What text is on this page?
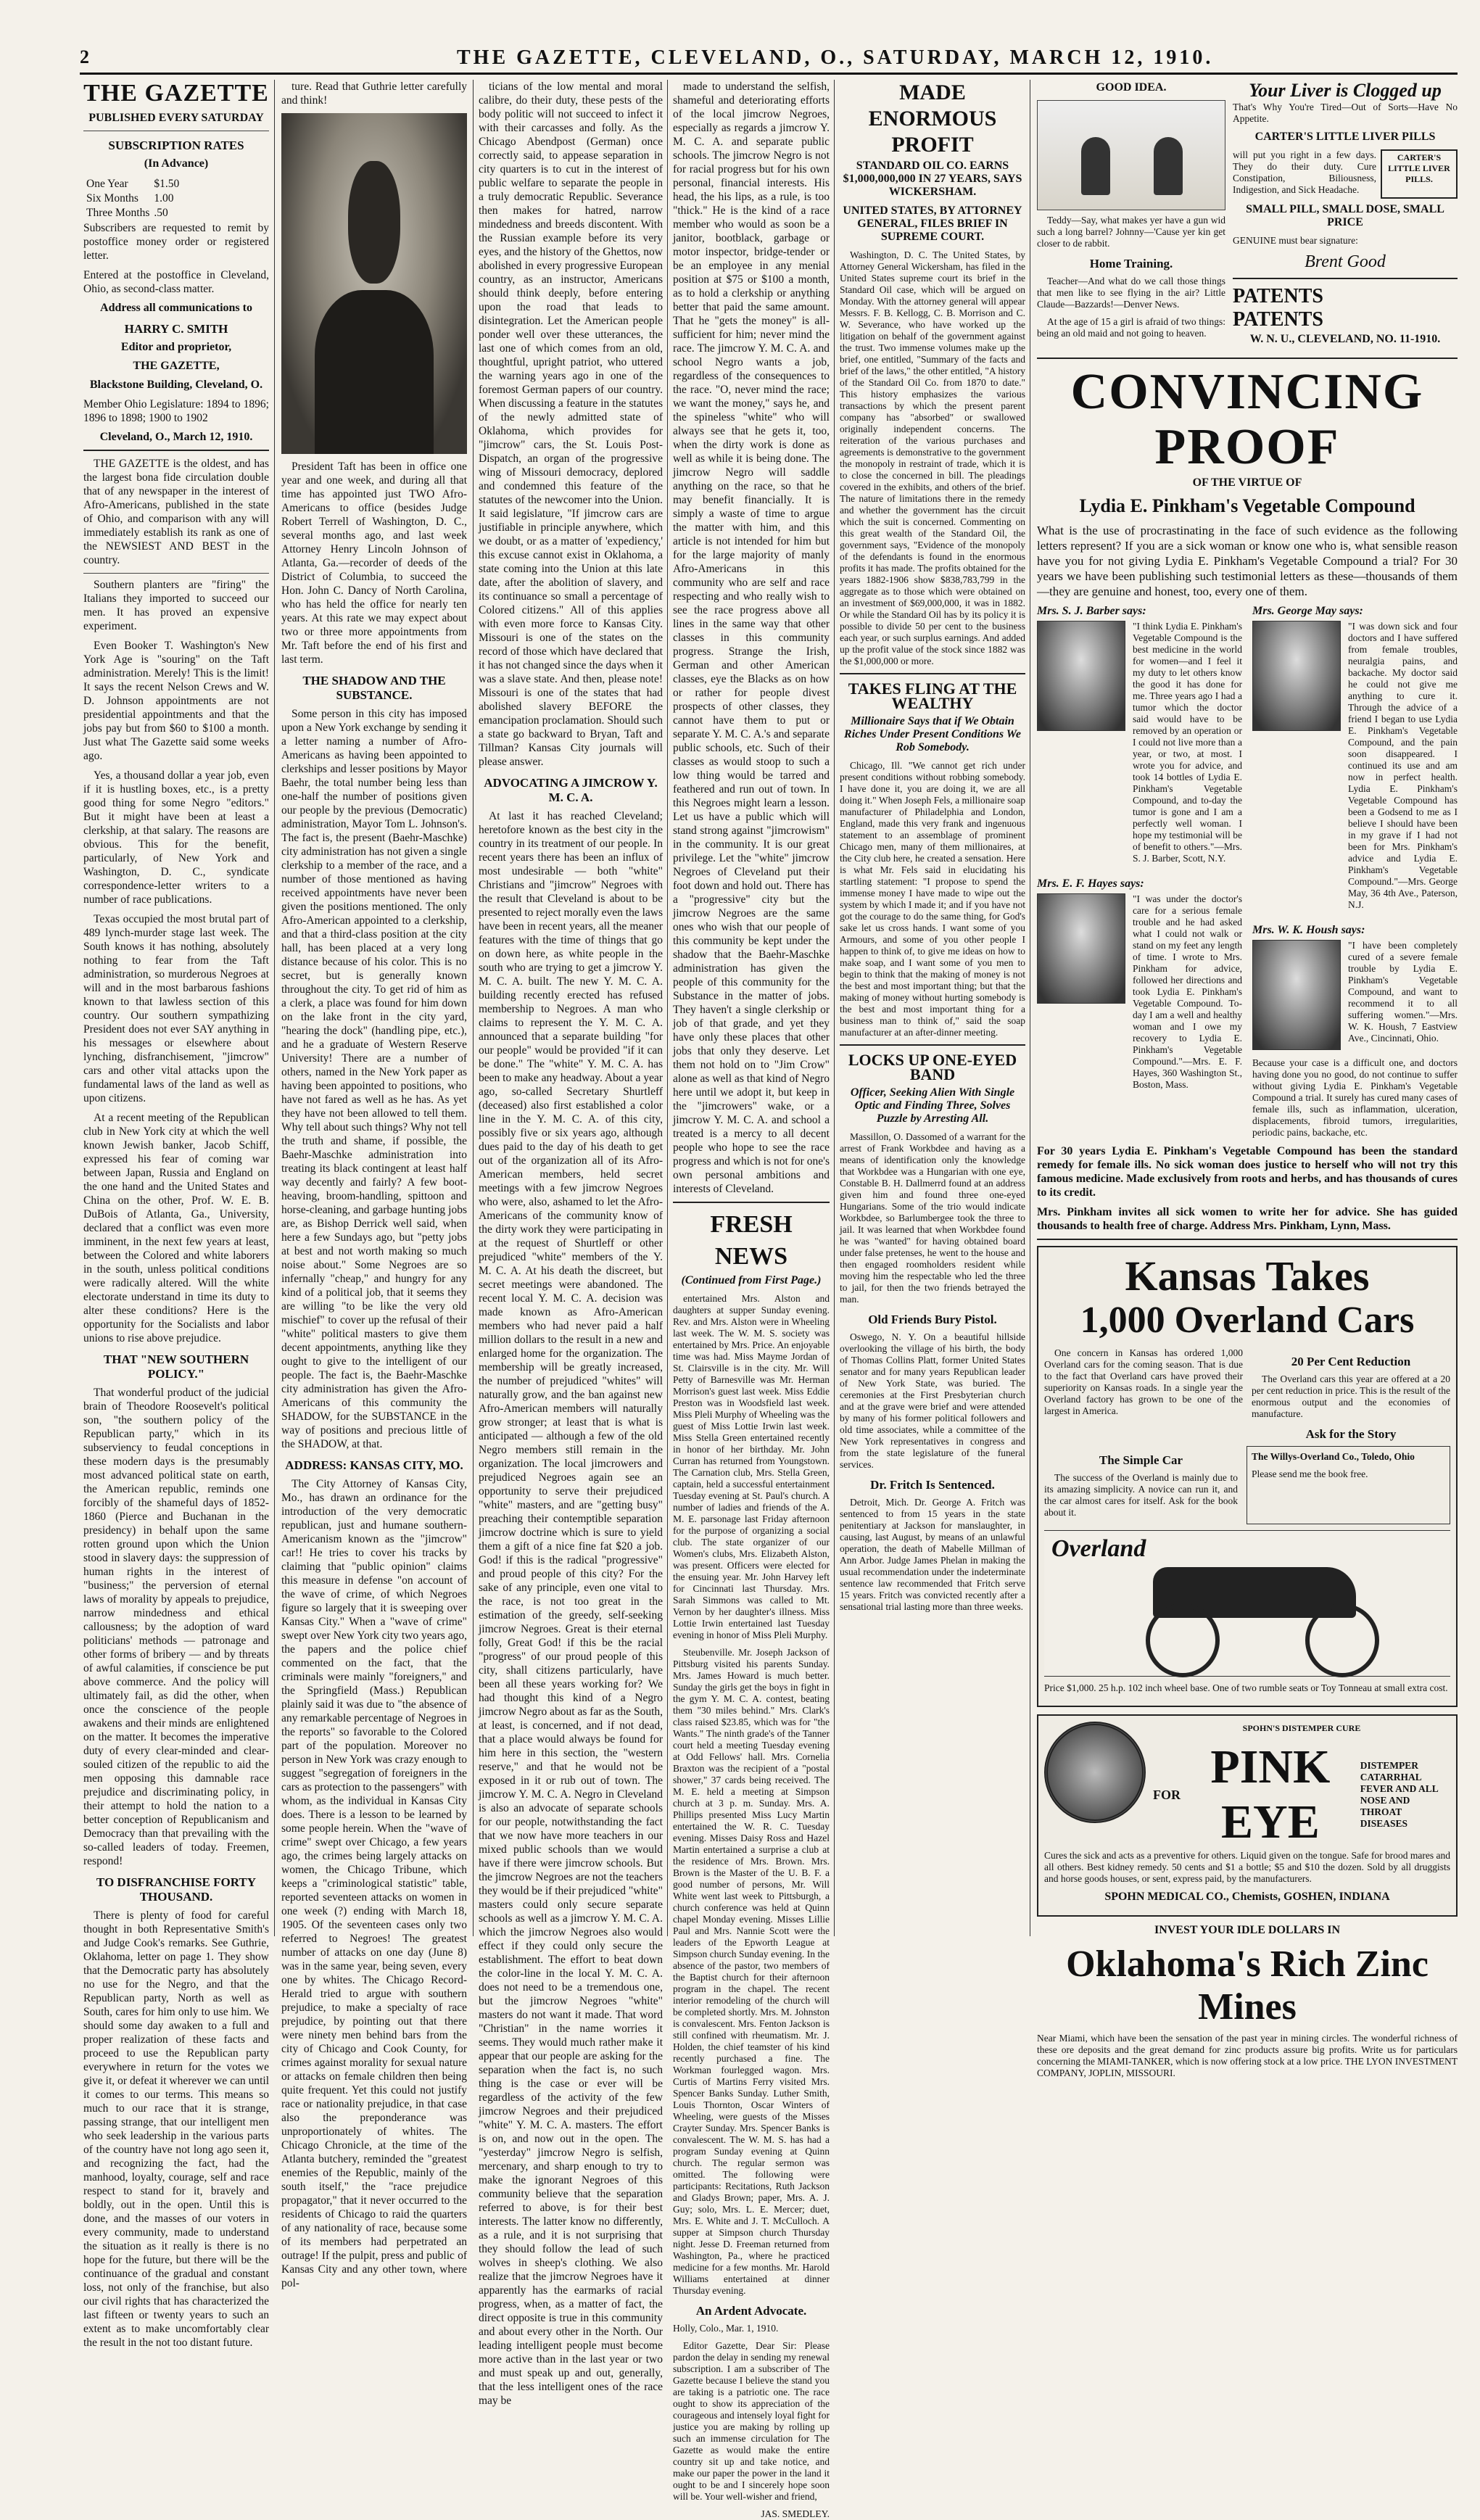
2	THE GAZETTE, CLEVELAND, O., SATURDAY, MARCH 12, 1910.
THE GAZETTE
PUBLISHED EVERY SATURDAY
SUBSCRIPTION RATES
(In Advance)
One Year	$1.50
Six Months	1.00
Three Months	.50

Subscribers are requested to remit by postoffice money order or registered letter.

Entered at the postoffice in Cleveland, Ohio, as second-class matter.

Address all communications to
HARRY C. SMITH
Editor and proprietor,
THE GAZETTE,
Blackstone Building, Cleveland, O.

Member Ohio Legislature: 1894 to 1896; 1896 to 1898; 1900 to 1902

Cleveland, O., March 12, 1910.

THE GAZETTE is the oldest, and has the largest bona fide circulation double that of any newspaper in the interest of Afro-Americans, published in the state of Ohio, and comparison with any will immediately establish its rank as one of the NEWSIEST AND BEST in the country.

Southern planters are "firing" the Italians they imported to succeed our men. It has proved an expensive experiment.

Even Booker T. Washington's New York Age is "souring" on the Taft administration. Merely! This is the limit! It says the recent Nelson Crews and W. D. Johnson appointments are not presidential appointments and that the jobs pay but from $60 to $100 a month. Just what The Gazette said some weeks ago.

Yes, a thousand dollar a year job, even if it is hustling boxes, etc., is a pretty good thing for some Negro "editors." But it might have been at least a clerkship, at that salary. The reasons are obvious. This for the benefit, particularly, of New York and Washington, D. C., syndicate correspondence-letter writers to a number of race publications.

Texas occupied the most brutal part of 489 lynch-murder stage last week. The South knows it has nothing, absolutely nothing to fear from the Taft administration, so murderous Negroes at will and in the most barbarous fashions known to that lawless section of this country. Our southern sympathizing President does not ever SAY anything in his messages or elsewhere about lynching, disfranchisement, "jimcrow" cars and other vital attacks upon the fundamental laws of the land as well as upon citizens.

At a recent meeting of the Republican club in New York city at which the well known Jewish banker, Jacob Schiff, expressed his fear of coming war between Japan, Russia and England on the one hand and the United States and China on the other, Prof. W. E. B. DuBois of Atlanta, Ga., University, declared that a conflict was even more imminent, in the next few years at least, between the Colored and white laborers in the south, unless political conditions were radically altered. Will the white electorate understand in time its duty to alter these conditions? Here is the opportunity for the Socialists and labor unions to rise above prejudice.

THAT "NEW SOUTHERN POLICY."

That wonderful product of the judicial brain of Theodore Roosevelt's political son, "the southern policy of the Republican party," which in its subserviency to feudal conceptions in these modern days is the presumably most advanced political state on earth, the American republic, reminds one forcibly of the shameful days of 1852-1860 (Pierce and Buchanan in the presidency) in behalf upon the same rotten ground upon which the Union stood in slavery days: the suppression of human rights in the interest of "business;" the perversion of eternal laws of morality by appeals to prejudice, narrow mindedness and ethical callousness; by the adoption of ward politicians' methods — patronage and other forms of bribery — and by threats of awful calamities, if conscience be put above commerce. And the policy will ultimately fail, as did the other, when once the conscience of the people awakens and their minds are enlightened on the matter. It becomes the imperative duty of every clear-minded and clear-souled citizen of the republic to aid the men opposing this damnable race prejudice and discriminating policy, in their attempt to hold the nation to a better conception of Republicanism and Democracy than that prevailing with the so-called leaders of today. Freemen, respond!

TO DISFRANCHISE FORTY THOUSAND.

There is plenty of food for careful thought in both Representative Smith's and Judge Cook's remarks. See Guthrie, Oklahoma, letter on page 1. They show that the Democratic party has absolutely no use for the Negro, and that the Republican party, North as well as South, cares for him only to use him. We should some day awaken to a full and proper realization of these facts and proceed to use the Republican party everywhere in return for the votes we give it, or defeat it wherever we can until it comes to our terms. This means so much to our race that it is strange, passing strange, that our intelligent men who seek leadership in the various parts of the country have not long ago seen it, and recognizing the fact, had the manhood, loyalty, courage, self and race respect to stand for it, bravely and boldly, out in the open. Until this is done, and the masses of our voters in every community, made to understand the situation as it really is there is no hope for the future, but there will be the continuance of the gradual and constant loss, not only of the franchise, but also our civil rights that has characterized the last fifteen or twenty years to such an extent as to make uncomfortably clear the result in the not too distant future.

ture. Read that Guthrie letter carefully and think!

President Taft has been in office one year and one week, and during all that time has appointed just TWO Afro-Americans to office (besides Judge Robert Terrell of Washington, D. C., several months ago, and last week Attorney Henry Lincoln Johnson of Atlanta, Ga.—recorder of deeds of the District of Columbia, to succeed the Hon. John C. Dancy of North Carolina, who has held the office for nearly ten years. At this rate we may expect about two or three more appointments from Mr. Taft before the end of his first and last term.

THE SHADOW AND THE SUBSTANCE.

Some person in this city has imposed upon a New York exchange by sending it a letter naming a number of Afro-Americans as having been appointed to clerkships and lesser positions by Mayor Baehr, the total number being less than one-half the number of positions given our people by the previous (Democratic) administration, Mayor Tom L. Johnson's. The fact is, the present (Baehr-Maschke) city administration has not given a single clerkship to a member of the race, and a number of those mentioned as having received appointments have never been given the positions mentioned. The only Afro-American appointed to a clerkship, and that a third-class position at the city hall, has been placed at a very long distance because of his color. This is no secret, but is generally known throughout the city. To get rid of him as a clerk, a place was found for him down on the lake front in the city yard, "hearing the dock" (handling pipe, etc.), and he a graduate of Western Reserve University! There are a number of others, named in the New York paper as having been appointed to positions, who have not fared as well as he has. As yet they have not been allowed to tell them. Why tell about such things? Why not tell the truth and shame, if possible, the Baehr-Maschke administration into treating its black contingent at least half way decently and fairly? A few boot-heaving, broom-handling, spittoon and horse-cleaning, and garbage hunting jobs are, as Bishop Derrick well said, when here a few Sundays ago, but "petty jobs at best and not worth making so much noise about." Some Negroes are so infernally "cheap," and hungry for any kind of a political job, that it seems they are willing "to be like the very old mischief" to cover up the refusal of their "white" political masters to give them decent appointments, anything like they ought to give to the intelligent of our people. The fact is, the Baehr-Maschke city administration has given the Afro-Americans of this community the SHADOW, for the SUBSTANCE in the way of positions and precious little of the SHADOW, at that.

ADDRESS: KANSAS CITY, MO.

The City Attorney of Kansas City, Mo., has drawn an ordinance for the introduction of the very democratic republican, just and humane southern-Americanism known as the "jimcrow" car!! He tries to cover his tracks by claiming that "public opinion" claims this measure in defense "on account of the wave of crime, of which Negroes figure so largely that it is sweeping over Kansas City." When a "wave of crime" swept over New York city two years ago, the papers and the police chief commented on the fact, that the criminals were mainly "foreigners," and the Springfield (Mass.) Republican plainly said it was due to "the absence of any remarkable percentage of Negroes in the reports" so favorable to the Colored part of the population. Moreover no person in New York was crazy enough to suggest "segregation of foreigners in the cars as protection to the passengers" with whom, as the individual in Kansas City does. There is a lesson to be learned by some people herein. When the "wave of crime" swept over Chicago, a few years ago, the crimes being largely attacks on women, the Chicago Tribune, which keeps a "criminological statistic" table, reported seventeen attacks on women in one week (?) ending with March 18, 1905. Of the seventeen cases only two referred to Negroes! The greatest number of attacks on one day (June 8) was in the same year, being seven, every one by whites. The Chicago Record-Herald tried to argue with southern prejudice, to make a specialty of race prejudice, by pointing out that there were ninety men behind bars from the city of Chicago and Cook County, for crimes against morality for sexual nature or attacks on female children then being quite frequent. Yet this could not justify race or nationality prejudice, in that case also the preponderance was unproportionately of whites. The Chicago Chronicle, at the time of the Atlanta butchery, reminded the "greatest enemies of the Republic, mainly of the south itself," the "race prejudice propagator," that it never occurred to the residents of Chicago to raid the quarters of any nationality of race, because some of its members had perpetrated an outrage! If the pulpit, press and public of Kansas City and any other town, where pol-

ticians of the low mental and moral calibre, do their duty, these pests of the body politic will not succeed to infect it with their carcasses and folly. As the Chicago Abendpost (German) once correctly said, to appease separation in city quarters is to cut in the interest of public welfare to separate the people in a truly democratic Republic. Severance then makes for hatred, narrow mindedness and breeds discontent. With the Russian example before its very eyes, and the history of the Ghettos, now abolished in every progressive European country, as an instructor, Americans should think deeply, before entering upon the road that leads to disintegration. Let the American people ponder well over these utterances, the last one of which comes from an old, thoughtful, upright patriot, who uttered the warning years ago in one of the foremost German papers of our country. When discussing a feature in the statutes of the newly admitted state of Oklahoma, which provides for "jimcrow" cars, the St. Louis Post-Dispatch, an organ of the progressive wing of Missouri democracy, deplored and condemned this feature of the statutes of the newcomer into the Union. It said legislature, "If jimcrow cars are justifiable in principle anywhere, which we doubt, or as a matter of 'expediency,' this excuse cannot exist in Oklahoma, a state coming into the Union at this late date, after the abolition of slavery, and its continuance so small a percentage of Colored citizens." All of this applies with even more force to Kansas City. Missouri is one of the states on the record of those which have declared that it has not changed since the days when it was a slave state. And then, please note! Missouri is one of the states that had abolished slavery BEFORE the emancipation proclamation. Should such a state go backward to Bryan, Taft and Tillman? Kansas City journals will please answer.

ADVOCATING A JIMCROW Y. M. C. A.

At last it has reached Cleveland; heretofore known as the best city in the country in its treatment of our people. In recent years there has been an influx of most undesirable — both "white" Christians and "jimcrow" Negroes with the result that Cleveland is about to be presented to reject morally even the laws have been in recent years, all the meaner features with the time of things that go on down here, as white people in the south who are trying to get a jimcrow Y. M. C. A. built. The new Y. M. C. A. building recently erected has refused membership to Negroes. A man who claims to represent the Y. M. C. A. announced that a separate building "for our people" would be provided "if it can be done." The "white" Y. M. C. A. has been to make any headway. About a year ago, so-called Secretary Shurtleff (deceased) also first established a color line in the Y. M. C. A. of this city, possibly five or six years ago, although dues paid to the day of his death to get out of the organization all of its Afro-American members, held secret meetings with a few jimcrow Negroes who were, also, ashamed to let the Afro-Americans of the community know of the dirty work they were participating in at the request of Shurtleff or other prejudiced "white" members of the Y. M. C. A. At his death the discreet, but secret meetings were abandoned. The recent local Y. M. C. A. decision was made known as Afro-American members who had never paid a half million dollars to the result in a new and enlarged home for the organization. The membership will be greatly increased, the number of prejudiced "whites" will naturally grow, and the ban against new Afro-American members will naturally grow stronger; at least that is what is anticipated — although a few of the old Negro members still remain in the organization. The local jimcrowers and prejudiced Negroes again see an opportunity to serve their prejudiced "white" masters, and are "getting busy" preaching their contemptible separation jimcrow doctrine which is sure to yield them a gift of a nice fine fat $20 a job. God! if this is the radical "progressive" and proud people of this city? For the sake of any principle, even one vital to the race, is not too great in the estimation of the greedy, self-seeking jimcrow Negroes. Great is their eternal folly, Great God! if this be the racial "progress" of our proud people of this city, shall citizens particularly, have been all these years working for? We had thought this kind of a Negro jimcrow Negro about as far as the South, at least, is concerned, and if not dead, that a place would always be found for him here in this section, the "western reserve," and that he would not be exposed in it or rub out of town. The jimcrow Y. M. C. A. Negro in Cleveland is also an advocate of separate schools for our people, notwithstanding the fact that we now have more teachers in our mixed public schools than we would have if there were jimcrow schools. But the jimcrow Negroes are not the teachers they would be if their prejudiced "white" masters could only secure separate schools as well as a jimcrow Y. M. C. A. which the jimcrow Negroes also would effect if they could only secure the establishment. The effort to beat down the color-line in the local Y. M. C. A. does not need to be a tremendous one, but the jimcrow Negroes "white" masters do not want it made. That word "Christian" in the name worries it seems. They would much rather make it appear that our people are asking for the separation when the fact is, no such thing is the case or ever will be regardless of the activity of the few jimcrow Negroes and their prejudiced "white" Y. M. C. A. masters. The effort is on, and now out in the open. The "yesterday" jimcrow Negro is selfish, mercenary, and sharp enough to try to make the ignorant Negroes of this community believe that the separation referred to above, is for their best interests. The latter know no differently, as a rule, and it is not surprising that they should follow the lead of such wolves in sheep's clothing. We also realize that the jimcrow Negroes have it apparently has the earmarks of racial progress, when, as a matter of fact, the direct opposite is true in this community and about every other in the North. Our leading intelligent people must become more active than in the last year or two and must speak up and out, generally, that the less intelligent ones of the race may be

made to understand the selfish, shameful and deteriorating efforts of the local jimcrow Negroes, especially as regards a jimcrow Y. M. C. A. and separate public schools. The jimcrow Negro is not for racial progress but for his own personal, financial interests. His head, the his lips, as a rule, is too "thick." He is the kind of a race member who would as soon be a janitor, bootblack, garbage or motor inspector, bridge-tender or be an employee in any menial position at $75 or $100 a month, as to hold a clerkship or anything better that paid the same amount. That he "gets the money" is all-sufficient for him; never mind the race. The jimcrow Y. M. C. A. and school Negro wants a job, regardless of the consequences to the race. "O, never mind the race; we want the money," says he, and the spineless "white" who will always see that he gets it, too, when the dirty work is done as well as while it is being done. The jimcrow Negro will saddle anything on the race, so that he may benefit financially. It is simply a waste of time to argue the matter with him, and this article is not intended for him but for the large majority of manly Afro-Americans in this community who are self and race respecting and who really wish to see the race progress above all lines in the same way that other classes in this community progress. Strange the Irish, German and other American classes, eye the Blacks as on how or rather for people divest prospects of other classes, they cannot have them to put or separate Y. M. C. A.'s and separate public schools, etc. Such of their classes as would stoop to such a low thing would be tarred and feathered and run out of town. In this Negroes might learn a lesson. Let us have a public which will stand strong against "jimcrowism" in the community. It is our great privilege. Let the "white" jimcrow Negroes of Cleveland put their foot down and hold out. There has a "progressive" city but the jimcrow Negroes are the same ones who wish that our people of this community be kept under the shadow that the Baehr-Maschke administration has given the people of this community for the Substance in the matter of jobs. They haven't a single clerkship or job of that grade, and yet they have only these places that other jobs that only they deserve. Let them not hold on to "Jim Crow" alone as well as that kind of Negro here until we adopt it, but keep in the "jimcrowers" wake, or a jimcrow Y. M. C. A. and school a treated is a mercy to all decent people who hope to see the race progress and which is not for one's own personal ambitions and interests of Cleveland.

FRESH NEWS
(Continued from First Page.)

entertained Mrs. Alston and daughters at supper Sunday evening. Rev. and Mrs. Alston were in Wheeling last week. The W. M. S. society was entertained by Mrs. Price. An enjoyable time was had. Miss Mayme Jordan of St. Clairsville is in the city. Mr. Will Petty of Barnesville was Mr. Herman Morrison's guest last week. Miss Eddie Preston was in Woodsfield last week. Miss Pleli Murphy of Wheeling was the guest of Miss Lottie Irwin last week. Miss Stella Green entertained recently in honor of her birthday. Mr. John Curran has returned from Youngstown. The Carnation club, Mrs. Stella Green, captain, held a successful entertainment Tuesday evening at St. Paul's church. A number of ladies and friends of the A. M. E. parsonage last Friday afternoon for the purpose of organizing a social club. The state organizer of our Women's clubs, Mrs. Elizabeth Alston, was present. Officers were elected for the ensuing year. Mr. John Harvey left for Cincinnati last Thursday. Mrs. Sarah Simmons was called to Mt. Vernon by her daughter's illness. Miss Lottie Irwin entertained last Tuesday evening in honor of Miss Pleli Murphy.

Steubenville. Mr. Joseph Jackson of Pittsburg visited his parents Sunday. Mrs. James Howard is much better. Sunday the girls get the boys in fight in the gym Y. M. C. A. contest, beating them "30 miles behind." Mrs. Clark's class raised $23.85, which was for "the Wants." The ninth grade's of the Tanner court held a meeting Tuesday evening at Odd Fellows' hall. Mrs. Cornelia Braxton was the recipient of a "postal shower," 37 cards being received. The M. E. held a meeting at Simpson church at 3 p. m. Sunday. Mrs. A. Phillips presented Miss Lucy Martin entertained the W. R. C. Tuesday evening. Misses Daisy Ross and Hazel Martin entertained a surprise a club at the residence of Mrs. Brown. Mrs. Brown is the Master of the U. B. F. a good number of persons, Mr. Will White went last week to Pittsburgh, a church conference was held at Quinn chapel Monday evening. Misses Lillie Paul and Mrs. Nannie Scott were the leaders of the Epworth League at Simpson church Sunday evening. In the absence of the pastor, two members of the Baptist church for their afternoon program in the chapel. The recent interior remodeling of the church will be completed shortly. Mrs. M. Johnston is convalescent. Mrs. Fenton Jackson is still confined with rheumatism. Mr. J. Holden, the chief teamster of his kind recently purchased a fine. The Workman fourlegged wagon. Mrs. Curtis of Martins Ferry visited Mrs. Spencer Banks Sunday. Luther Smith, Louis Thornton, Oscar Winters of Wheeling, were guests of the Misses Crayter Sunday. Mrs. Spencer Banks is convalescent. The W. M. S. has had a program Sunday evening at Quinn church. The regular sermon was omitted. The following were participants: Recitations, Ruth Jackson and Gladys Brown; paper, Mrs. A. J. Guy; solo, Mrs. L. E. Mercer; duet, Mrs. E. White and J. T. McCulloch. A supper at Simpson church Thursday night. Jesse D. Freeman returned from Washington, Pa., where he practiced medicine for a few months. Mr. Harold Williams entertained at dinner Thursday evening.

An Ardent Advocate.

Holly, Colo., Mar. 1, 1910.

Editor Gazette, Dear Sir: Please pardon the delay in sending my renewal subscription. I am a subscriber of The Gazette because I believe the stand you are taking is a patriotic one. The race ought to show its appreciation of the courageous and intensely loyal fight for justice you are making by rolling up such an immense circulation for The Gazette as would make the entire country sit up and take notice, and make our paper the power in the land it ought to be and I sincerely hope soon will be. Your well-wisher and friend,

JAS. SMEDLEY.

MADE ENORMOUS PROFIT
STANDARD OIL CO. EARNS $1,000,000,000 IN 27 YEARS, SAYS WICKERSHAM.
UNITED STATES, BY ATTORNEY GENERAL, FILES BRIEF IN SUPREME COURT.

Washington, D. C. The United States, by Attorney General Wickersham, has filed in the United States supreme court its brief in the Standard Oil case, which will be argued on Monday. With the attorney general will appear Messrs. F. B. Kellogg, C. B. Morrison and C. W. Severance, who have worked up the litigation on behalf of the government against the trust. Two immense volumes make up the brief, one entitled, "Summary of the facts and brief of the laws," the other entitled, "A history of the Standard Oil Co. from 1870 to date." This history emphasizes the various transactions by which the present parent company has "absorbed" or swallowed originally independent concerns. The reiteration of the various purchases and agreements is demonstrative to the government the monopoly in restraint of trade, which it is to close the concerned in bill. The pleadings covered in the exhibits, and others of the brief. The nature of limitations there in the remedy and whether the government has the circuit which the suit is concerned. Commenting on this great wealth of the Standard Oil, the government says, "Evidence of the monopoly of the defendants is found in the enormous profits it has made. The profits obtained for the years 1882-1906 show $838,783,799 in the aggregate as to those which were obtained on an investment of $69,000,000, it was in 1882. Or while the Standard Oil has by its policy it is possible to divide 50 per cent to the business each year, or such surplus earnings. And added up the profit value of the stock since 1882 was the $1,000,000 or more.

TAKES FLING AT THE WEALTHY
Millionaire Says that if We Obtain Riches Under Present Conditions We Rob Somebody.

Chicago, Ill. "We cannot get rich under present conditions without robbing somebody. I have done it, you are doing it, we are all doing it." When Joseph Fels, a millionaire soap manufacturer of Philadelphia and London, England, made this very frank and ingenuous statement to an assemblage of prominent Chicago men, many of them millionaires, at the City club here, he created a sensation. Here is what Mr. Fels said in elucidating his startling statement: "I propose to spend the immense money I have made to wipe out the system by which I made it; and if you have not got the courage to do the same thing, for God's sake let us cross hands. I want some of you Armours, and some of you other people I happen to think of, to give me ideas on how to make soap, and I want some of you men to begin to think that the making of money is not the best and most important thing; but that the making of money without hurting somebody is the best and most important thing for a business man to think of," said the soap manufacturer at an after-dinner meeting.

LOCKS UP ONE-EYED BAND
Officer, Seeking Alien With Single Optic and Finding Three, Solves Puzzle by Arresting All.

Massillon, O. Dassomed of a warrant for the arrest of Frank Workbdee and having as a means of identification only the knowledge that Workbdee was a Hungarian with one eye, Constable B. H. Dallmerrd found at an address given him and found three one-eyed Hungarians. Some of the trio would indicate Workbdee, so Barlumbergee took the three to jail. It was learned that when Workbdee found he was "wanted" for having obtained board under false pretenses, he went to the house and then engaged roomholders resident while moving him the respectable who led the three to jail, for then the two friends betrayed the man.

Old Friends Bury Pistol.

Oswego, N. Y. On a beautiful hillside overlooking the village of his birth, the body of Thomas Collins Platt, former United States senator and for many years Republican leader of New York State, was buried. The ceremonies at the First Presbyterian church and at the grave were brief and were attended by many of his former political followers and old time associates, while a committee of the New York representatives in congress and from the state legislature of the funeral services.

Dr. Fritch Is Sentenced.

Detroit, Mich. Dr. George A. Fritch was sentenced to from 15 years in the state penitentiary at Jackson for manslaughter, in causing, last August, by means of an unlawful operation, the death of Mabelle Millman of Ann Arbor. Judge James Phelan in making the usual recommendation under the indeterminate sentence law recommended that Fritch serve 15 years. Fritch was convicted recently after a sensational trial lasting more than three weeks.

GOOD IDEA.

Teddy—Say, what makes yer have a gun wid such a long barrel? Johnny—'Cause yer kin get closer to de rabbit.

Home Training.

Teacher—And what do we call those things that men like to see flying in the air? Little Claude—Bazzards!—Denver News.

At the age of 15 a girl is afraid of two things: being an old maid and not going to heaven.

Your Liver is Clogged up

That's Why You're Tired—Out of Sorts—Have No Appetite.

CARTER'S LITTLE LIVER PILLS

will put you right in a few days. They do their duty. Cure Constipation, Biliousness, Indigestion, and Sick Headache.

CARTER'S LITTLE LIVER PILLS.
SMALL PILL, SMALL DOSE, SMALL PRICE

GENUINE must bear signature:

Brent Good
PATENTS
PATENTS
W. N. U., CLEVELAND, NO. 11-1910.
CONVINCING PROOF
OF THE VIRTUE OF
Lydia E. Pinkham's Vegetable Compound

What is the use of procrastinating in the face of such evidence as the following letters represent? If you are a sick woman or know one who is, what sensible reason have you for not giving Lydia E. Pinkham's Vegetable Compound a trial? For 30 years we have been publishing such testimonial letters as these—thousands of them—they are genuine and honest, too, every one of them.

Mrs. S. J. Barber says:

"I think Lydia E. Pinkham's Vegetable Compound is the best medicine in the world for women—and I feel it my duty to let others know the good it has done for me. Three years ago I had a tumor which the doctor said would have to be removed by an operation or I could not live more than a year, or two, at most. I wrote you for advice, and took 14 bottles of Lydia E. Pinkham's Vegetable Compound, and to-day the tumor is gone and I am a perfectly well woman. I hope my testimonial will be of benefit to others."—Mrs. S. J. Barber, Scott, N.Y.

Mrs. E. F. Hayes says:

"I was under the doctor's care for a serious female trouble and he had asked what I could not walk or stand on my feet any length of time. I wrote to Mrs. Pinkham for advice, followed her directions and took Lydia E. Pinkham's Vegetable Compound. To-day I am a well and healthy woman and I owe my recovery to Lydia E. Pinkham's Vegetable Compound."—Mrs. E. F. Hayes, 360 Washington St., Boston, Mass.

Mrs. George May says:

"I was down sick and four doctors and I have suffered from female troubles, neuralgia pains, and backache. My doctor said he could not give me anything to cure it. Through the advice of a friend I began to use Lydia E. Pinkham's Vegetable Compound, and the pain soon disappeared. I continued its use and am now in perfect health. Lydia E. Pinkham's Vegetable Compound has been a Godsend to me as I believe I should have been in my grave if I had not been for Mrs. Pinkham's advice and Lydia E. Pinkham's Vegetable Compound."—Mrs. George May, 36 4th Ave., Paterson, N.J.

Mrs. W. K. Housh says:

"I have been completely cured of a severe female trouble by Lydia E. Pinkham's Vegetable Compound, and want to recommend it to all suffering women."—Mrs. W. K. Housh, 7 Eastview Ave., Cincinnati, Ohio.

Because your case is a difficult one, and doctors having done you no good, do not continue to suffer without giving Lydia E. Pinkham's Vegetable Compound a trial. It surely has cured many cases of female ills, such as inflammation, ulceration, displacements, fibroid tumors, irregularities, periodic pains, backache, etc.

For 30 years Lydia E. Pinkham's Vegetable Compound has been the standard remedy for female ills. No sick woman does justice to herself who will not try this famous medicine. Made exclusively from roots and herbs, and has thousands of cures to its credit.

Mrs. Pinkham invites all sick women to write her for advice. She has guided thousands to health free of charge. Address Mrs. Pinkham, Lynn, Mass.

Kansas Takes
1,000 Overland Cars

One concern in Kansas has ordered 1,000 Overland cars for the coming season. That is due to the fact that Overland cars have proved their superiority on Kansas roads. In a single year the Overland factory has grown to be one of the largest in America.

20 Per Cent Reduction

The Overland cars this year are offered at a 20 per cent reduction in price. This is the result of the enormous output and the economies of manufacture.

Ask for the Story
The Simple Car

The success of the Overland is mainly due to its amazing simplicity. A novice can run it, and the car almost cares for itself. Ask for the book about it.

The Willys-Overland Co., Toledo, Ohio

Please send me the book free.

Overland

Price $1,000. 25 h.p. 102 inch wheel base. One of two rumble seats or Toy Tonneau at small extra cost.

SPOHN'S DISTEMPER CURE
FOR
PINK EYE
DISTEMPER CATARRHAL FEVER AND ALL NOSE AND THROAT DISEASES

Cures the sick and acts as a preventive for others. Liquid given on the tongue. Safe for brood mares and all others. Best kidney remedy. 50 cents and $1 a bottle; $5 and $10 the dozen. Sold by all druggists and horse goods houses, or sent, express paid, by the manufacturers.

SPOHN MEDICAL CO., Chemists, GOSHEN, INDIANA
INVEST YOUR IDLE DOLLARS IN
Oklahoma's Rich Zinc Mines

Near Miami, which have been the sensation of the past year in mining circles. The wonderful richness of these ore deposits and the great demand for zinc products assure big profits. Write us for particulars concerning the MIAMI-TANKER, which is now offering stock at a low price. THE LYON INVESTMENT COMPANY, JOPLIN, MISSOURI.
